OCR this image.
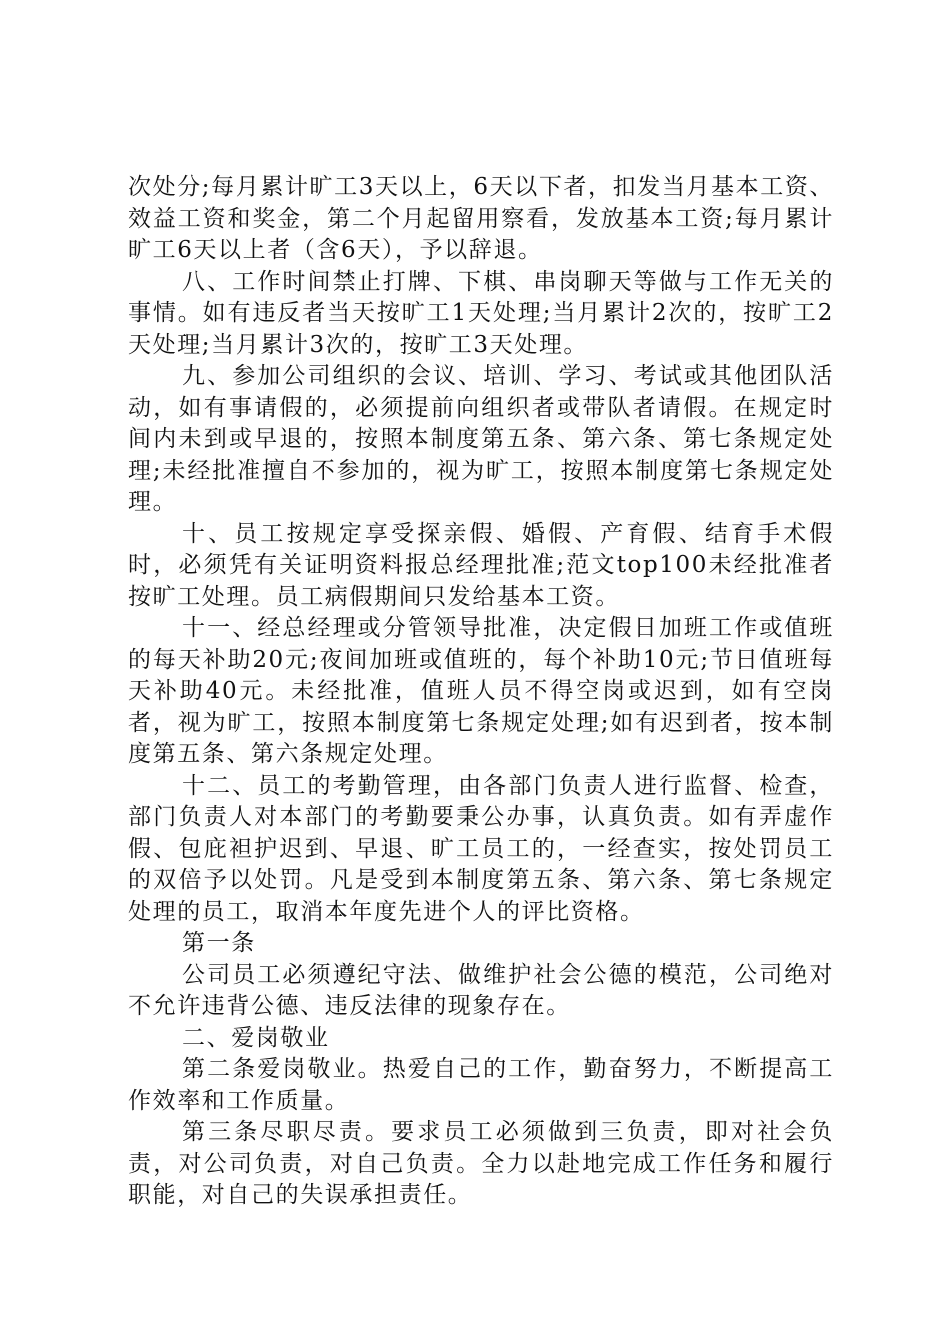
次处分;每月累计旷工3天以上，6天以下者，扣发当月基本工资、效益工资和奖金，第二个月起留用察看，发放基本工资;每月累计旷工6天以上者（含6天），予以辞退。

八、工作时间禁止打牌、下棋、串岗聊天等做与工作无关的事情。如有违反者当天按旷工1天处理;当月累计2次的，按旷工2天处理;当月累计3次的，按旷工3天处理。

九、参加公司组织的会议、培训、学习、考试或其他团队活动，如有事请假的，必须提前向组织者或带队者请假。在规定时间内未到或早退的，按照本制度第五条、第六条、第七条规定处理;未经批准擅自不参加的，视为旷工，按照本制度第七条规定处理。

十、员工按规定享受探亲假、婚假、产育假、结育手术假时，必须凭有关证明资料报总经理批准;范文top100未经批准者按旷工处理。员工病假期间只发给基本工资。

十一、经总经理或分管领导批准，决定假日加班工作或值班的每天补助20元;夜间加班或值班的，每个补助10元;节日值班每天补助40元。未经批准，值班人员不得空岗或迟到，如有空岗者，视为旷工，按照本制度第七条规定处理;如有迟到者，按本制度第五条、第六条规定处理。

十二、员工的考勤管理，由各部门负责人进行监督、检查，部门负责人对本部门的考勤要秉公办事，认真负责。如有弄虚作假、包庇袒护迟到、早退、旷工员工的，一经查实，按处罚员工的双倍予以处罚。凡是受到本制度第五条、第六条、第七条规定处理的员工，取消本年度先进个人的评比资格。

第一条

公司员工必须遵纪守法、做维护社会公德的模范，公司绝对不允许违背公德、违反法律的现象存在。

二、爱岗敬业

第二条爱岗敬业。热爱自己的工作，勤奋努力，不断提高工作效率和工作质量。

第三条尽职尽责。要求员工必须做到三负责，即对社会负责，对公司负责，对自己负责。全力以赴地完成工作任务和履行职能，对自己的失误承担责任。
